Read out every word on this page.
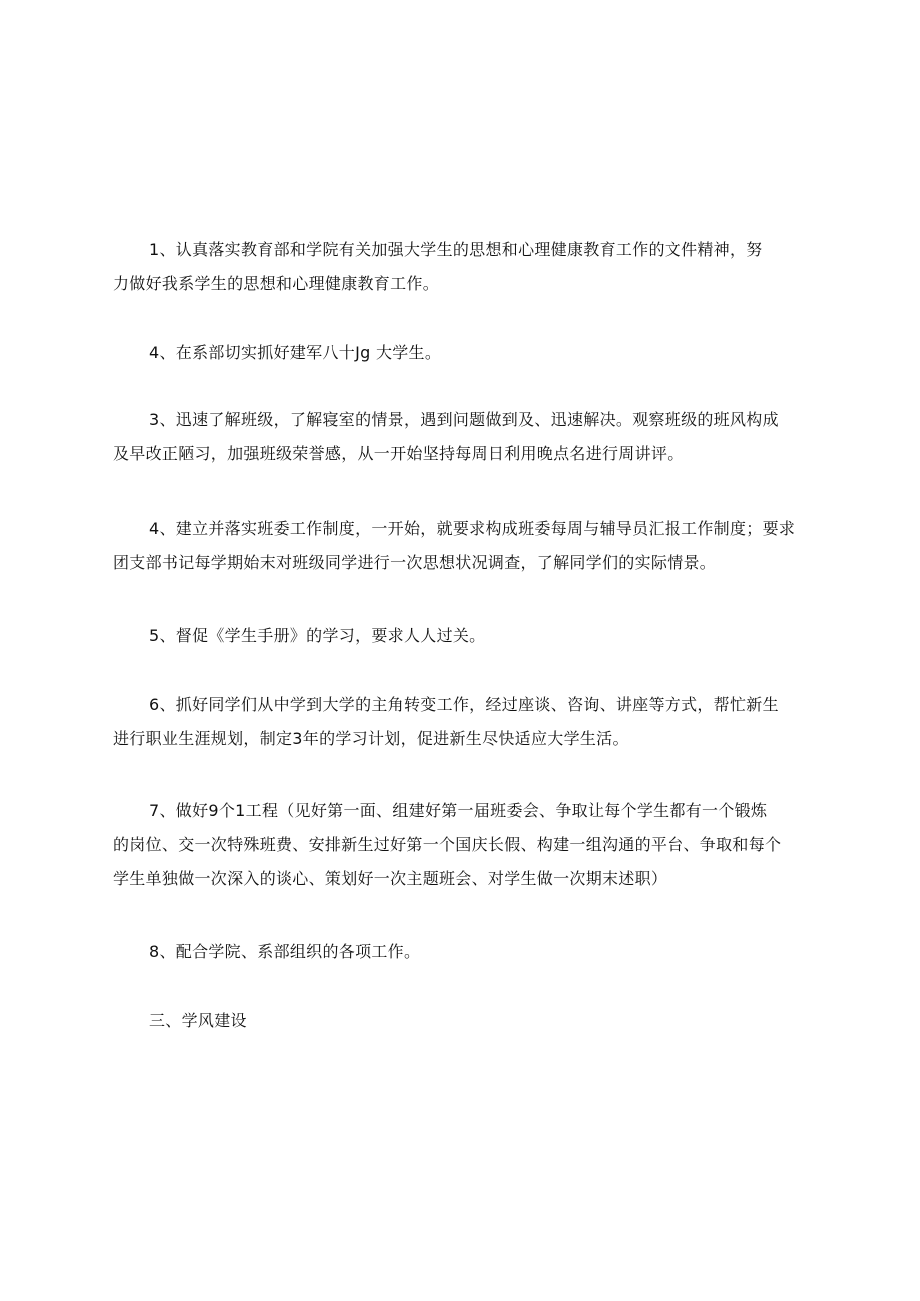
1、认真落实教育部和学院有关加强大学生的思想和心理健康教育工作的文件精神，努
力做好我系学生的思想和心理健康教育工作。

4、在系部切实抓好建军八十Jg 大学生。

3、迅速了解班级，了解寝室的情景，遇到问题做到及、迅速解决。观察班级的班风构成
及早改正陋习，加强班级荣誉感，从一开始坚持每周日利用晚点名进行周讲评。

4、建立并落实班委工作制度，一开始，就要求构成班委每周与辅导员汇报工作制度；要求
团支部书记每学期始末对班级同学进行一次思想状况调查，了解同学们的实际情景。

5、督促《学生手册》的学习，要求人人过关。

6、抓好同学们从中学到大学的主角转变工作，经过座谈、咨询、讲座等方式，帮忙新生
进行职业生涯规划，制定3年的学习计划，促进新生尽快适应大学生活。

7、做好9个1工程（见好第一面、组建好第一届班委会、争取让每个学生都有一个锻炼
的岗位、交一次特殊班费、安排新生过好第一个国庆长假、构建一组沟通的平台、争取和每个
学生单独做一次深入的谈心、策划好一次主题班会、对学生做一次期末述职）

8、配合学院、系部组织的各项工作。

三、学风建设
